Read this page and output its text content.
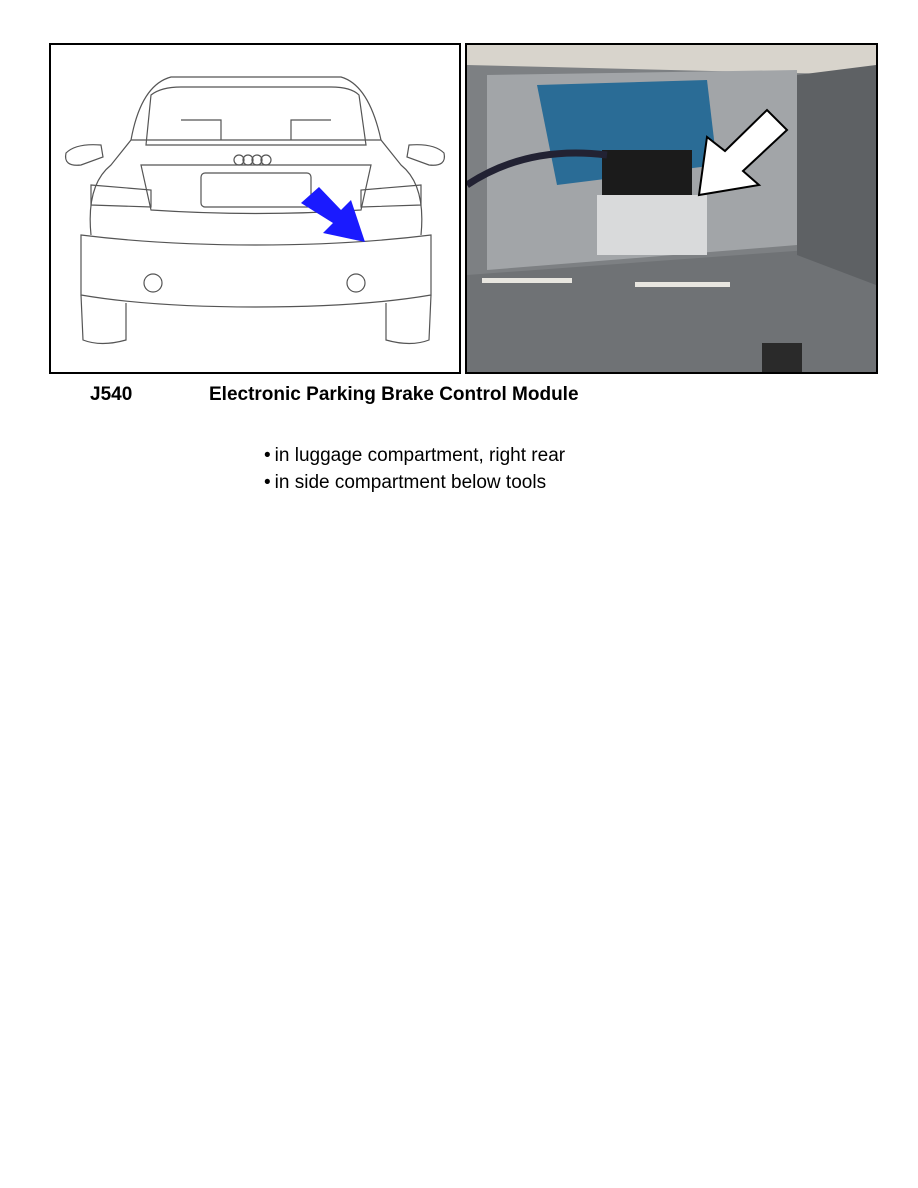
J540	Electronic Parking Brake Control Module
• in luggage compartment, right rear
• in side compartment below tools
